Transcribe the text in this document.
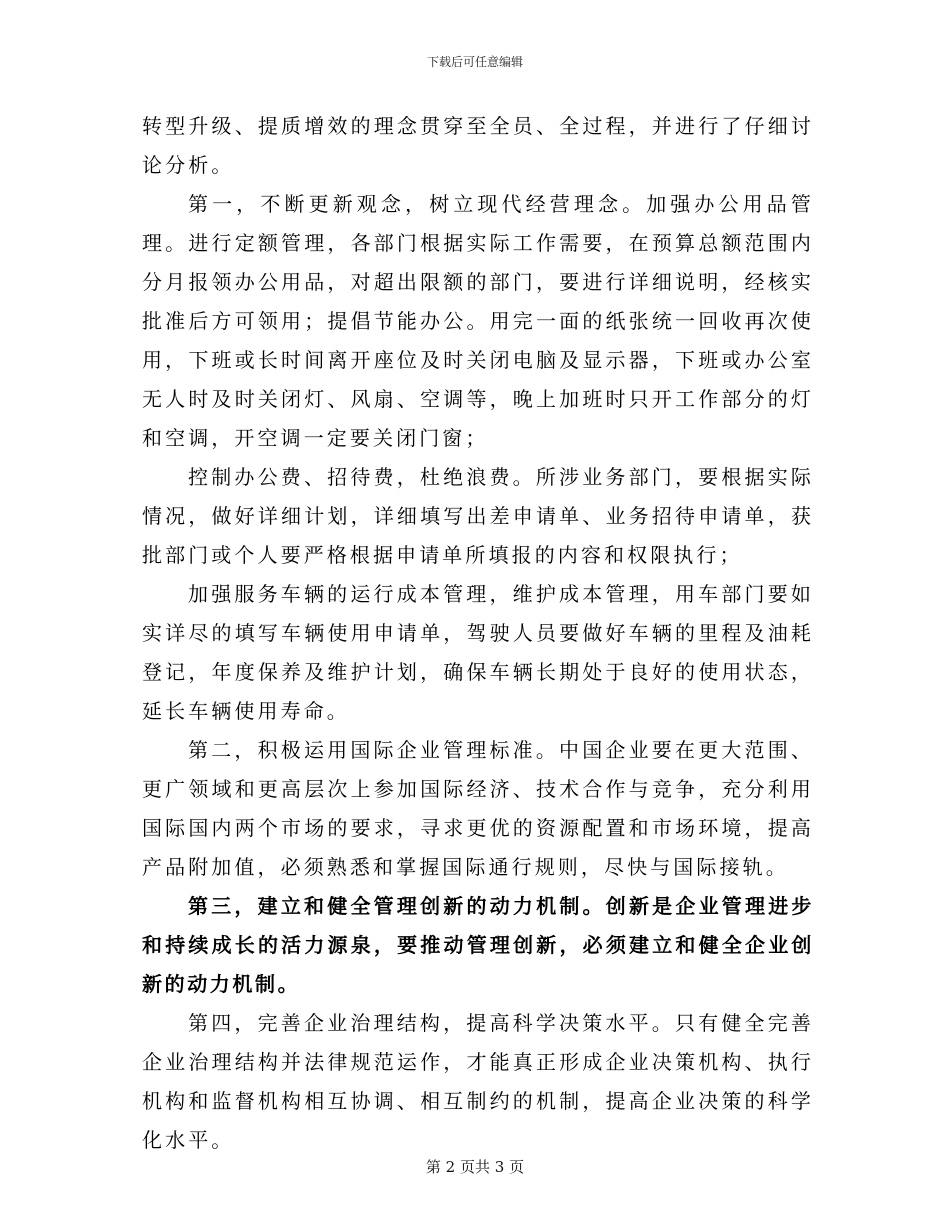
下载后可任意编辑

转型升级、提质增效的理念贯穿至全员、全过程，并进行了仔细讨论分析。

第一，不断更新观念，树立现代经营理念。加强办公用品管理。进行定额管理，各部门根据实际工作需要，在预算总额范围内分月报领办公用品，对超出限额的部门，要进行详细说明，经核实批准后方可领用；提倡节能办公。用完一面的纸张统一回收再次使用，下班或长时间离开座位及时关闭电脑及显示器，下班或办公室无人时及时关闭灯、风扇、空调等，晚上加班时只开工作部分的灯和空调，开空调一定要关闭门窗；

控制办公费、招待费，杜绝浪费。所涉业务部门，要根据实际情况，做好详细计划，详细填写出差申请单、业务招待申请单，获批部门或个人要严格根据申请单所填报的内容和权限执行；

加强服务车辆的运行成本管理，维护成本管理，用车部门要如实详尽的填写车辆使用申请单，驾驶人员要做好车辆的里程及油耗登记，年度保养及维护计划，确保车辆长期处于良好的使用状态，延长车辆使用寿命。

第二，积极运用国际企业管理标准。中国企业要在更大范围、更广领域和更高层次上参加国际经济、技术合作与竞争，充分利用国际国内两个市场的要求，寻求更优的资源配置和市场环境，提高产品附加值，必须熟悉和掌握国际通行规则，尽快与国际接轨。

第三，建立和健全管理创新的动力机制。创新是企业管理进步和持续成长的活力源泉，要推动管理创新，必须建立和健全企业创新的动力机制。

第四，完善企业治理结构，提高科学决策水平。只有健全完善企业治理结构并法律规范运作，才能真正形成企业决策机构、执行机构和监督机构相互协调、相互制约的机制，提高企业决策的科学化水平。

第 2 页共 3 页
